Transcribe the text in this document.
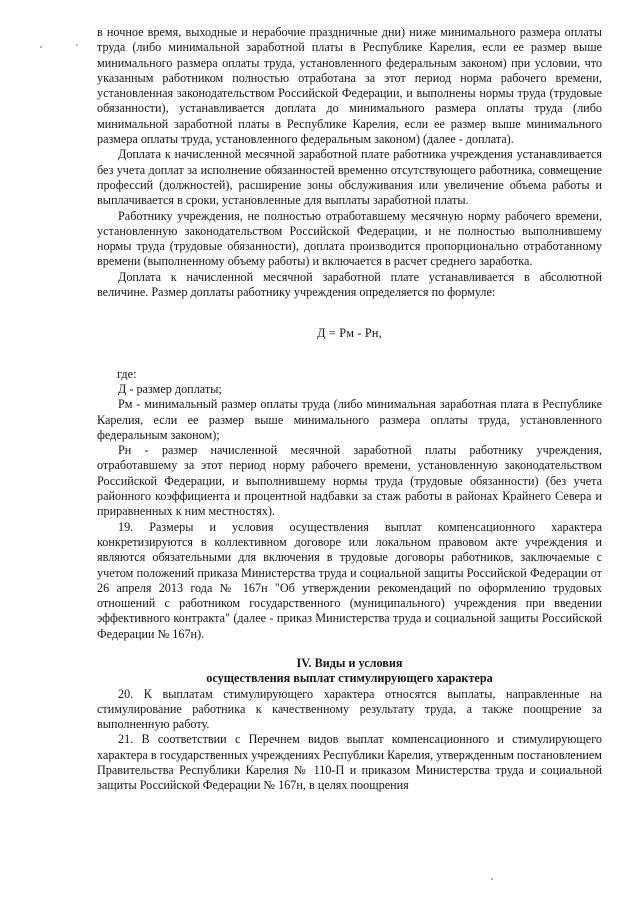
в ночное время, выходные и нерабочие праздничные дни) ниже минимального размера оплаты труда (либо минимальной заработной платы в Республике Карелия, если ее размер выше минимального размера оплаты труда, установленного федеральным законом) при условии, что указанным работником полностью отработана за этот период норма рабочего времени, установленная законодательством Российской Федерации, и выполнены нормы труда (трудовые обязанности), устанавливается доплата до минимального размера оплаты труда (либо минимальной заработной платы в Республике Карелия, если ее размер выше минимального размера оплаты труда, установленного федеральным законом) (далее - доплата).

Доплата к начисленной месячной заработной плате работника учреждения устанавливается без учета доплат за исполнение обязанностей временно отсутствующего работника, совмещение профессий (должностей), расширение зоны обслуживания или увеличение объема работы и выплачивается в сроки, установленные для выплаты заработной платы.

Работнику учреждения, не полностью отработавшему месячную норму рабочего времени, установленную законодательством Российской Федерации, и не полностью выполнившему нормы труда (трудовые обязанности), доплата производится пропорционально отработанному времени (выполненному объему работы) и включается в расчет среднего заработка.

Доплата к начисленной месячной заработной плате устанавливается в абсолютной величине. Размер доплаты работнику учреждения определяется по формуле:

Д = Рм - Рн,

где:

Д - размер доплаты;

Рм - минимальный размер оплаты труда (либо минимальная заработная плата в Республике Карелия, если ее размер выше минимального размера оплаты труда, установленного федеральным законом);

Рн - размер начисленной месячной заработной платы работнику учреждения, отработавшему за этот период норму рабочего времени, установленную законодательством Российской Федерации, и выполнившему нормы труда (трудовые обязанности) (без учета районного коэффициента и процентной надбавки за стаж работы в районах Крайнего Севера и приравненных к ним местностях).

19. Размеры и условия осуществления выплат компенсационного характера конкретизируются в коллективном договоре или локальном правовом акте учреждения и являются обязательными для включения в трудовые договоры работников, заключаемые с учетом положений приказа Министерства труда и социальной защиты Российской Федерации от 26 апреля 2013 года № 167н "Об утверждении рекомендаций по оформлению трудовых отношений с работником государственного (муниципального) учреждения при введении эффективного контракта" (далее - приказ Министерства труда и социальной защиты Российской Федерации № 167н).

IV. Виды и условия

осуществления выплат стимулирующего характера

20. К выплатам стимулирующего характера относятся выплаты, направленные на стимулирование работника к качественному результату труда, а также поощрение за выполненную работу.

21. В соответствии с Перечнем видов выплат компенсационного и стимулирующего характера в государственных учреждениях Республики Карелия, утвержденным постановлением Правительства Республики Карелия № 110-П и приказом Министерства труда и социальной защиты Российской Федерации № 167н, в целях поощрения
